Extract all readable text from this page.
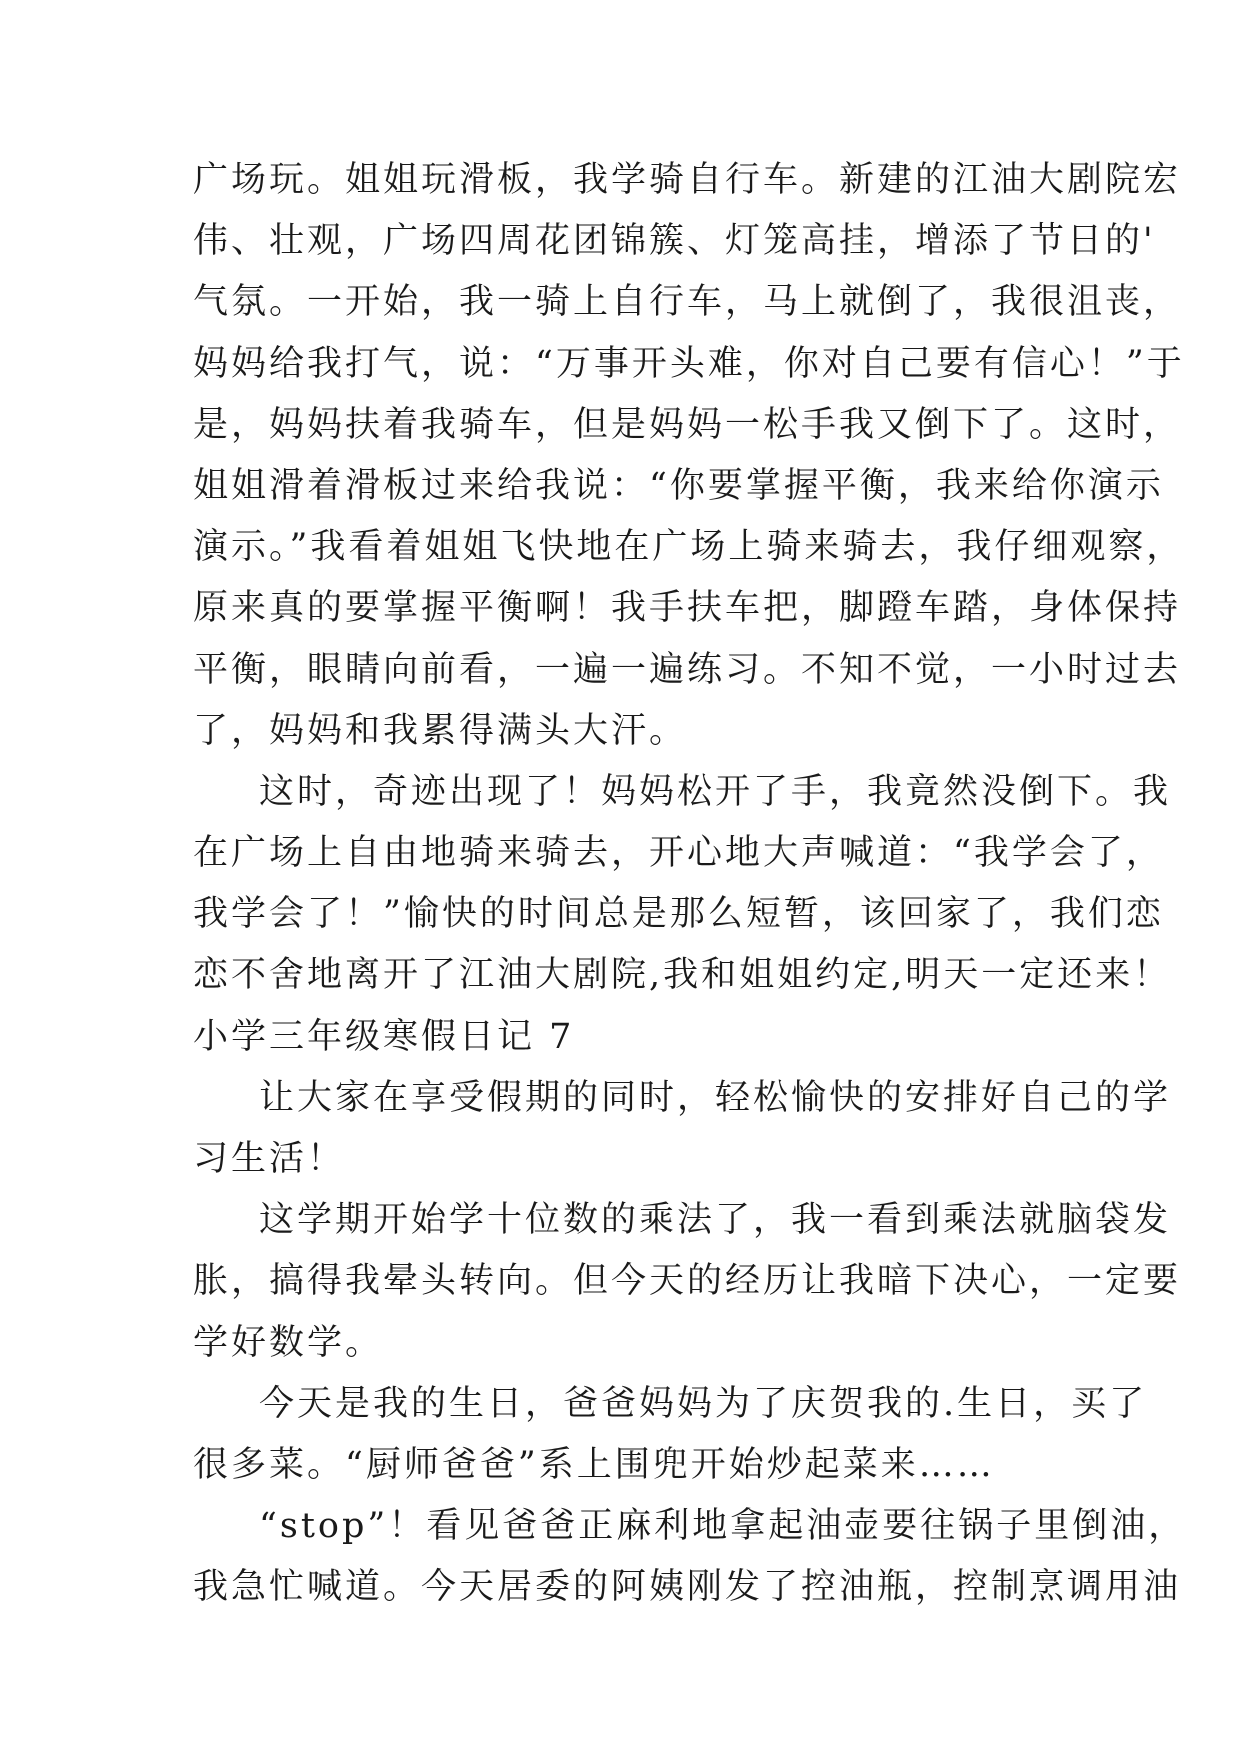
广场玩。姐姐玩滑板，我学骑自行车。新建的江油大剧院宏
伟、壮观，广场四周花团锦簇、灯笼高挂，增添了节日的'
气氛。一开始，我一骑上自行车，马上就倒了，我很沮丧，
妈妈给我打气，说：“万事开头难，你对自己要有信心！”于
是，妈妈扶着我骑车，但是妈妈一松手我又倒下了。这时，
姐姐滑着滑板过来给我说：“你要掌握平衡，我来给你演示
演示。”我看着姐姐飞快地在广场上骑来骑去，我仔细观察，
原来真的要掌握平衡啊！我手扶车把，脚蹬车踏，身体保持
平衡，眼睛向前看，一遍一遍练习。不知不觉，一小时过去
了，妈妈和我累得满头大汗。
这时，奇迹出现了！妈妈松开了手，我竟然没倒下。我
在广场上自由地骑来骑去，开心地大声喊道：“我学会了，
我学会了！”愉快的时间总是那么短暂，该回家了，我们恋
恋不舍地离开了江油大剧院,我和姐姐约定,明天一定还来！
小学三年级寒假日记 7
让大家在享受假期的同时，轻松愉快的安排好自己的学
习生活！
这学期开始学十位数的乘法了，我一看到乘法就脑袋发
胀，搞得我晕头转向。但今天的经历让我暗下决心，一定要
学好数学。
今天是我的生日，爸爸妈妈为了庆贺我的.生日，买了
很多菜。“厨师爸爸”系上围兜开始炒起菜来……
“stop”！看见爸爸正麻利地拿起油壶要往锅子里倒油，
我急忙喊道。今天居委的阿姨刚发了控油瓶，控制烹调用油
